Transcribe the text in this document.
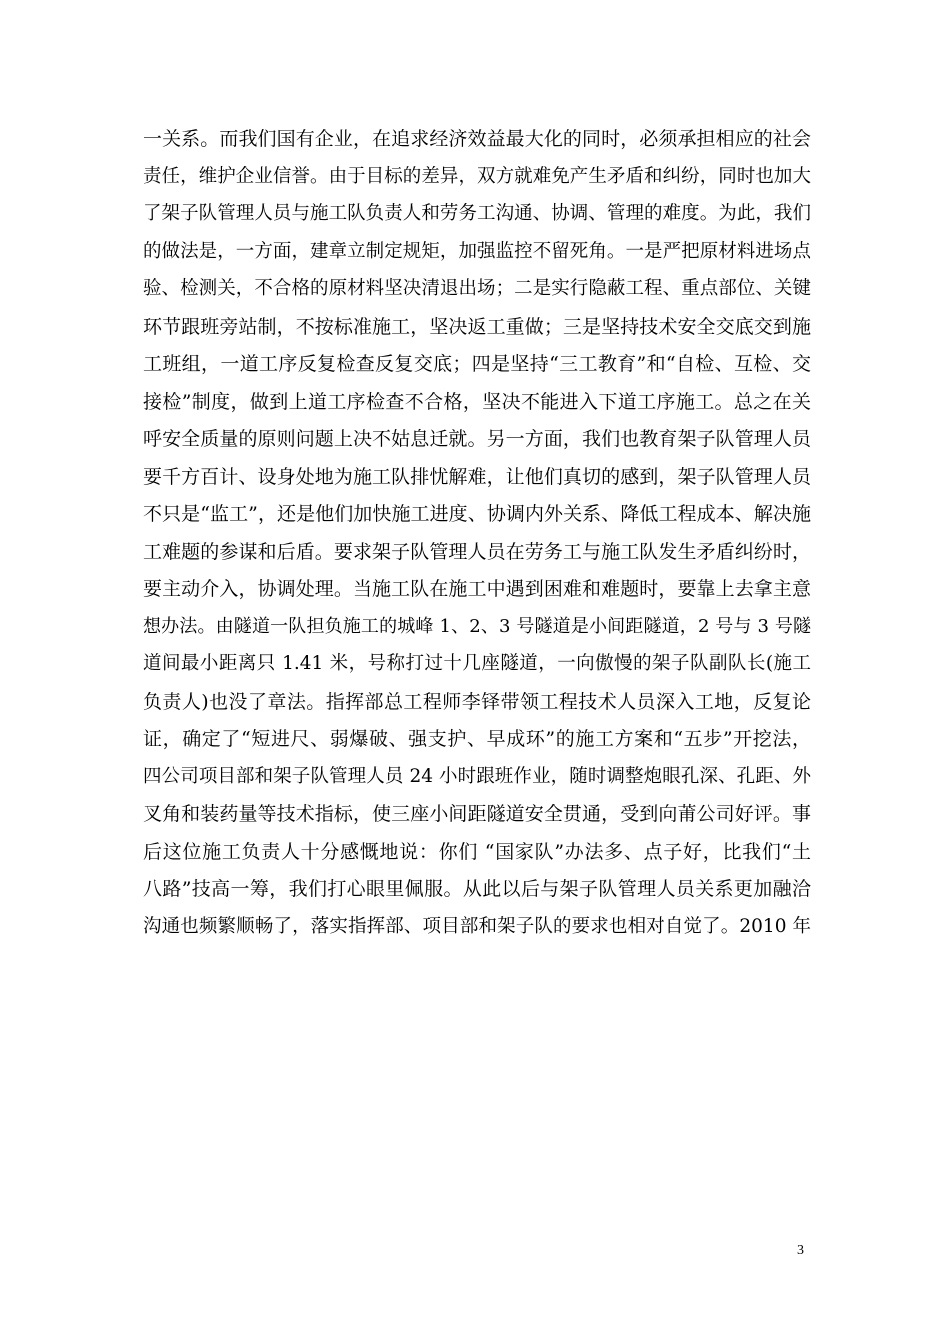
一关系。而我们国有企业，在追求经济效益最大化的同时，必须承担相应的社会
责任，维护企业信誉。由于目标的差异，双方就难免产生矛盾和纠纷，同时也加大
了架子队管理人员与施工队负责人和劳务工沟通、协调、管理的难度。为此，我们
的做法是，一方面，建章立制定规矩，加强监控不留死角。一是严把原材料进场点
验、检测关，不合格的原材料坚决清退出场；二是实行隐蔽工程、重点部位、关键
环节跟班旁站制，不按标准施工，坚决返工重做；三是坚持技术安全交底交到施
工班组，一道工序反复检查反复交底；四是坚持“三工教育”和“自检、互检、交
接检”制度，做到上道工序检查不合格，坚决不能进入下道工序施工。总之在关
呼安全质量的原则问题上决不姑息迁就。另一方面，我们也教育架子队管理人员
要千方百计、设身处地为施工队排忧解难，让他们真切的感到，架子队管理人员
不只是“监工”，还是他们加快施工进度、协调内外关系、降低工程成本、解决施
工难题的参谋和后盾。要求架子队管理人员在劳务工与施工队发生矛盾纠纷时，
要主动介入，协调处理。当施工队在施工中遇到困难和难题时，要靠上去拿主意
想办法。由隧道一队担负施工的城峰 1、2、3 号隧道是小间距隧道，2 号与 3 号隧
道间最小距离只 1.41 米，号称打过十几座隧道，一向傲慢的架子队副队长(施工
负责人)也没了章法。指挥部总工程师李铎带领工程技术人员深入工地，反复论
证，确定了“短进尺、弱爆破、强支护、早成环”的施工方案和“五步”开挖法，
四公司项目部和架子队管理人员 24 小时跟班作业，随时调整炮眼孔深、孔距、外
叉角和装药量等技术指标，使三座小间距隧道安全贯通，受到向莆公司好评。事
后这位施工负责人十分感慨地说：你们 “国家队”办法多、点子好，比我们“土
八路”技高一筹，我们打心眼里佩服。从此以后与架子队管理人员关系更加融洽
沟通也频繁顺畅了，落实指挥部、项目部和架子队的要求也相对自觉了。2010 年
3
